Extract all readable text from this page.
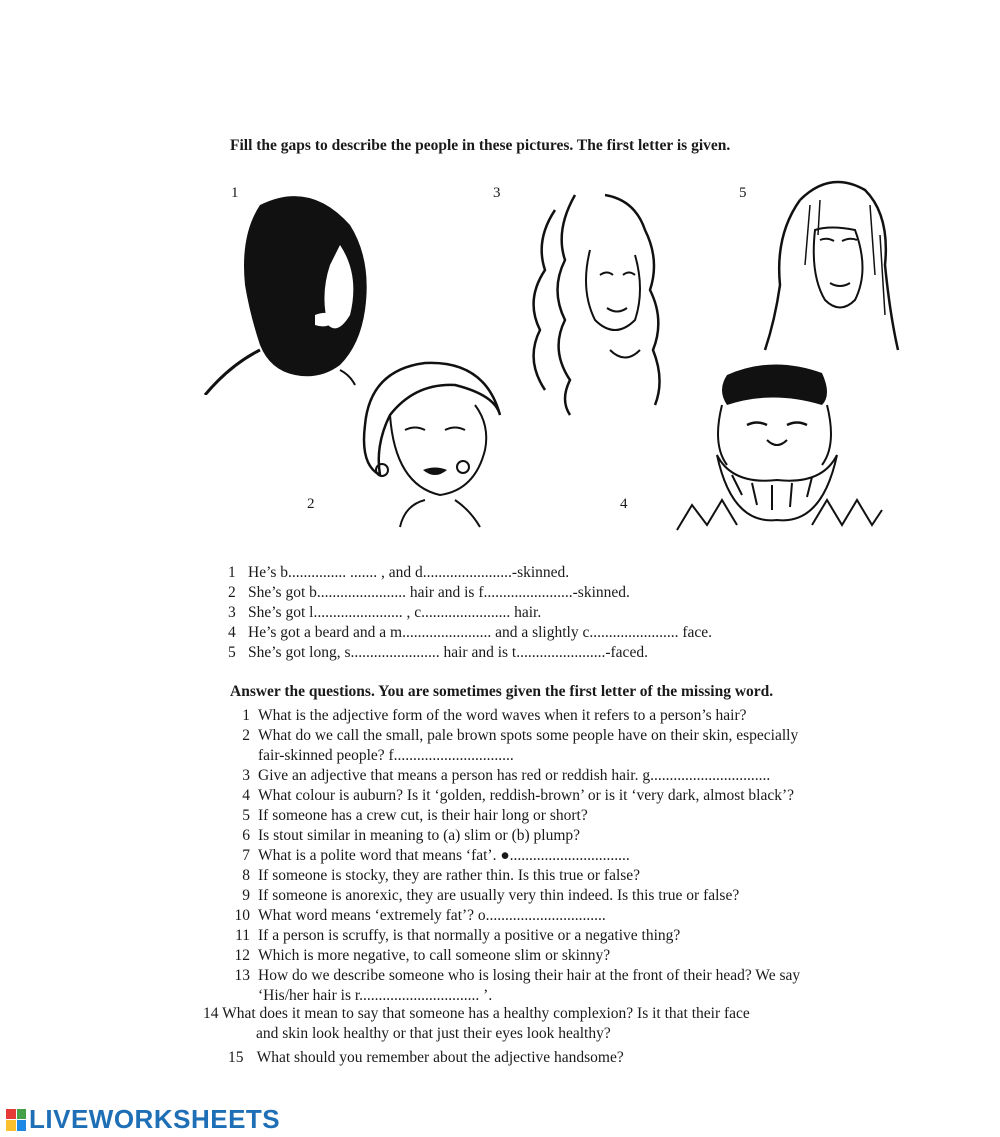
Fill the gaps to describe the people in these pictures. The first letter is given.
1
2
3
4
5
1 He’s b............... ....... , and d.......................-skinned.
2 She’s got b....................... hair and is f.......................-skinned.
3 She’s got l....................... , c....................... hair.
4 He’s got a beard and a m....................... and a slightly c....................... face.
5 She’s got long, s....................... hair and is t.......................-faced.
Answer the questions. You are sometimes given the first letter of the missing word.
1 What is the adjective form of the word waves when it refers to a person’s hair?
2 What do we call the small, pale brown spots some people have on their skin, especially
fair-skinned people? f...............................
3 Give an adjective that means a person has red or reddish hair. g...............................
4 What colour is auburn? Is it ‘golden, reddish-brown’ or is it ‘very dark, almost black’?
5 If someone has a crew cut, is their hair long or short?
6 Is stout similar in meaning to (a) slim or (b) plump?
7 What is a polite word that means ‘fat’. ●...............................
8 If someone is stocky, they are rather thin. Is this true or false?
9 If someone is anorexic, they are usually very thin indeed. Is this true or false?
10 What word means ‘extremely fat’? o...............................
11 If a person is scruffy, is that normally a positive or a negative thing?
12 Which is more negative, to call someone slim or skinny?
13 How do we describe someone who is losing their hair at the front of their head? We say
‘His/her hair is r............................... ’.
14 What does it mean to say that someone has a healthy complexion? Is it that their face
and skin look healthy or that just their eyes look healthy?
15 What should you remember about the adjective handsome?
LIVEWORKSHEETS
